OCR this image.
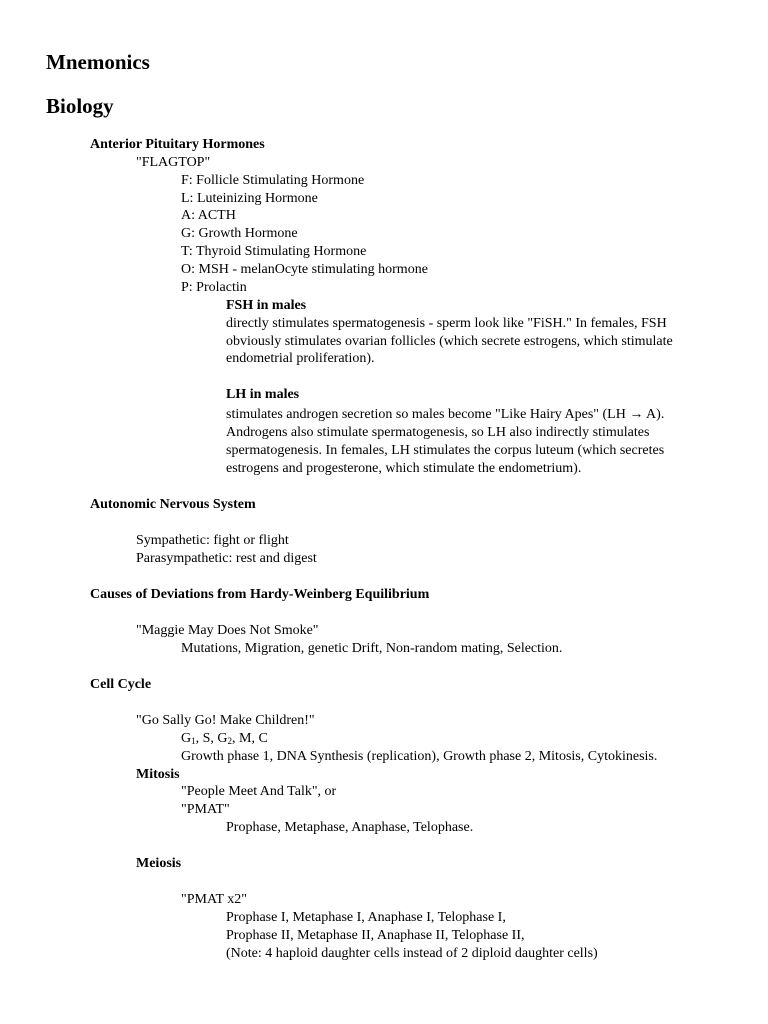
Mnemonics
Biology
Anterior Pituitary Hormones
"FLAGTOP"
F: Follicle Stimulating Hormone
L: Luteinizing Hormone
A: ACTH
G: Growth Hormone
T: Thyroid Stimulating Hormone
O: MSH - melanOcyte stimulating hormone
P: Prolactin
FSH in males
directly stimulates spermatogenesis - sperm look like "FiSH." In females, FSH
obviously stimulates ovarian follicles (which secrete estrogens, which stimulate
endometrial proliferation).
LH in males
stimulates androgen secretion so males become "Like Hairy Apes" (LH → A).
Androgens also stimulate spermatogenesis, so LH also indirectly stimulates
spermatogenesis. In females, LH stimulates the corpus luteum (which secretes
estrogens and progesterone, which stimulate the endometrium).
Autonomic Nervous System
Sympathetic: fight or flight
Parasympathetic: rest and digest
Causes of Deviations from Hardy-Weinberg Equilibrium
"Maggie May Does Not Smoke"
Mutations, Migration, genetic Drift, Non-random mating, Selection.
Cell Cycle
"Go Sally Go! Make Children!"
$G_1$, S, $G_2$, M, C
Growth phase 1, DNA Synthesis (replication), Growth phase 2, Mitosis, Cytokinesis.
Mitosis
"People Meet And Talk", or
"PMAT"
Prophase, Metaphase, Anaphase, Telophase.
Meiosis
"PMAT x2"
Prophase I, Metaphase I, Anaphase I, Telophase I,
Prophase II, Metaphase II, Anaphase II, Telophase II,
(Note: 4 haploid daughter cells instead of 2 diploid daughter cells)
